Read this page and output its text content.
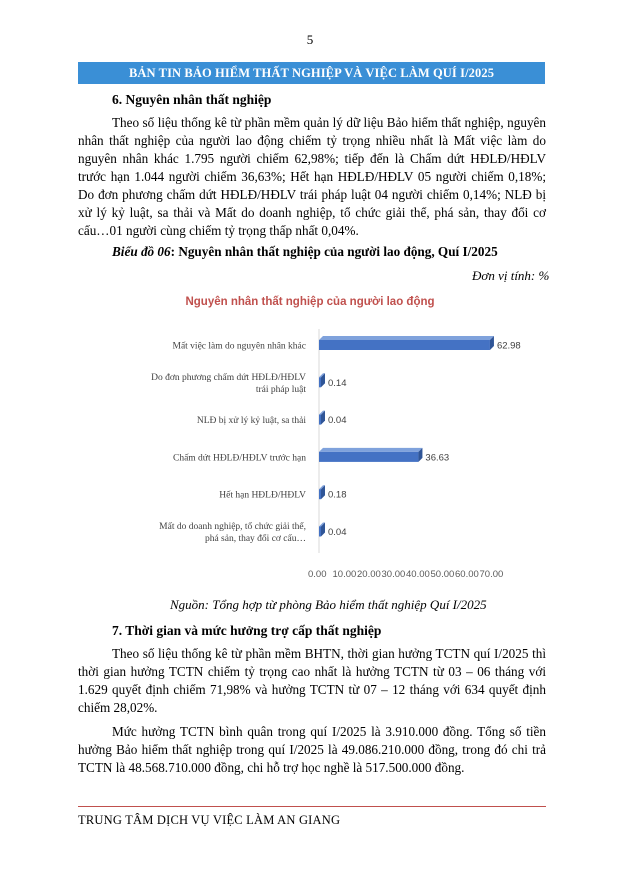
5
BẢN TIN BẢO HIỂM THẤT NGHIỆP VÀ VIỆC LÀM QUÍ I/2025
6. Nguyên nhân thất nghiệp
Theo số liệu thống kê từ phần mềm quản lý dữ liệu Bảo hiểm thất nghiệp, nguyên nhân thất nghiệp của người lao động chiếm tỷ trọng nhiều nhất là Mất việc làm do nguyên nhân khác 1.795 người chiếm 62,98%; tiếp đến là Chấm dứt HĐLĐ/HĐLV trước hạn 1.044 người chiếm 36,63%; Hết hạn HĐLĐ/HĐLV 05 người chiếm 0,18%; Do đơn phương chấm dứt HĐLĐ/HĐLV trái pháp luật 04 người chiếm 0,14%; NLĐ bị xử lý kỷ luật, sa thải và Mất do doanh nghiệp, tổ chức giải thể, phá sản, thay đổi cơ cấu…01 người cùng chiếm tỷ trọng thấp nhất 0,04%.
Biểu đồ 06: Nguyên nhân thất nghiệp của người lao động, Quí I/2025
Đơn vị tính: %
Nguyên nhân thất nghiệp của người lao động
62.98
Mất việc làm do nguyên nhân khác
0.14
Do đơn phương chấm dứt HĐLĐ/HĐLV
trái pháp luật
0.04
NLĐ bị xử lý kỷ luật, sa thải
36.63
Chấm dứt HĐLĐ/HĐLV trước hạn
0.18
Hết hạn HĐLĐ/HĐLV
0.04
Mất do doanh nghiệp, tổ chức giải thể,
phá sản, thay đổi cơ cấu…
0.00 10.00 20.00 30.00 40.00 50.00 60.00 70.00
Nguồn: Tổng hợp từ phòng Bảo hiểm thất nghiệp Quí I/2025
7. Thời gian và mức hưởng trợ cấp thất nghiệp
Theo số liệu thống kê từ phần mềm BHTN, thời gian hưởng TCTN quí I/2025 thì thời gian hưởng TCTN chiếm tỷ trọng cao nhất là hưởng TCTN từ 03 – 06 tháng với 1.629 quyết định chiếm 71,98% và hưởng TCTN từ 07 – 12 tháng với 634 quyết định chiếm 28,02%.
Mức hưởng TCTN bình quân trong quí I/2025 là 3.910.000 đồng. Tổng số tiền hưởng Bảo hiểm thất nghiệp trong quí I/2025 là 49.086.210.000 đồng, trong đó chi trả TCTN là 48.568.710.000 đồng, chi hỗ trợ học nghề là 517.500.000 đồng.
TRUNG TÂM DỊCH VỤ VIỆC LÀM AN GIANG
